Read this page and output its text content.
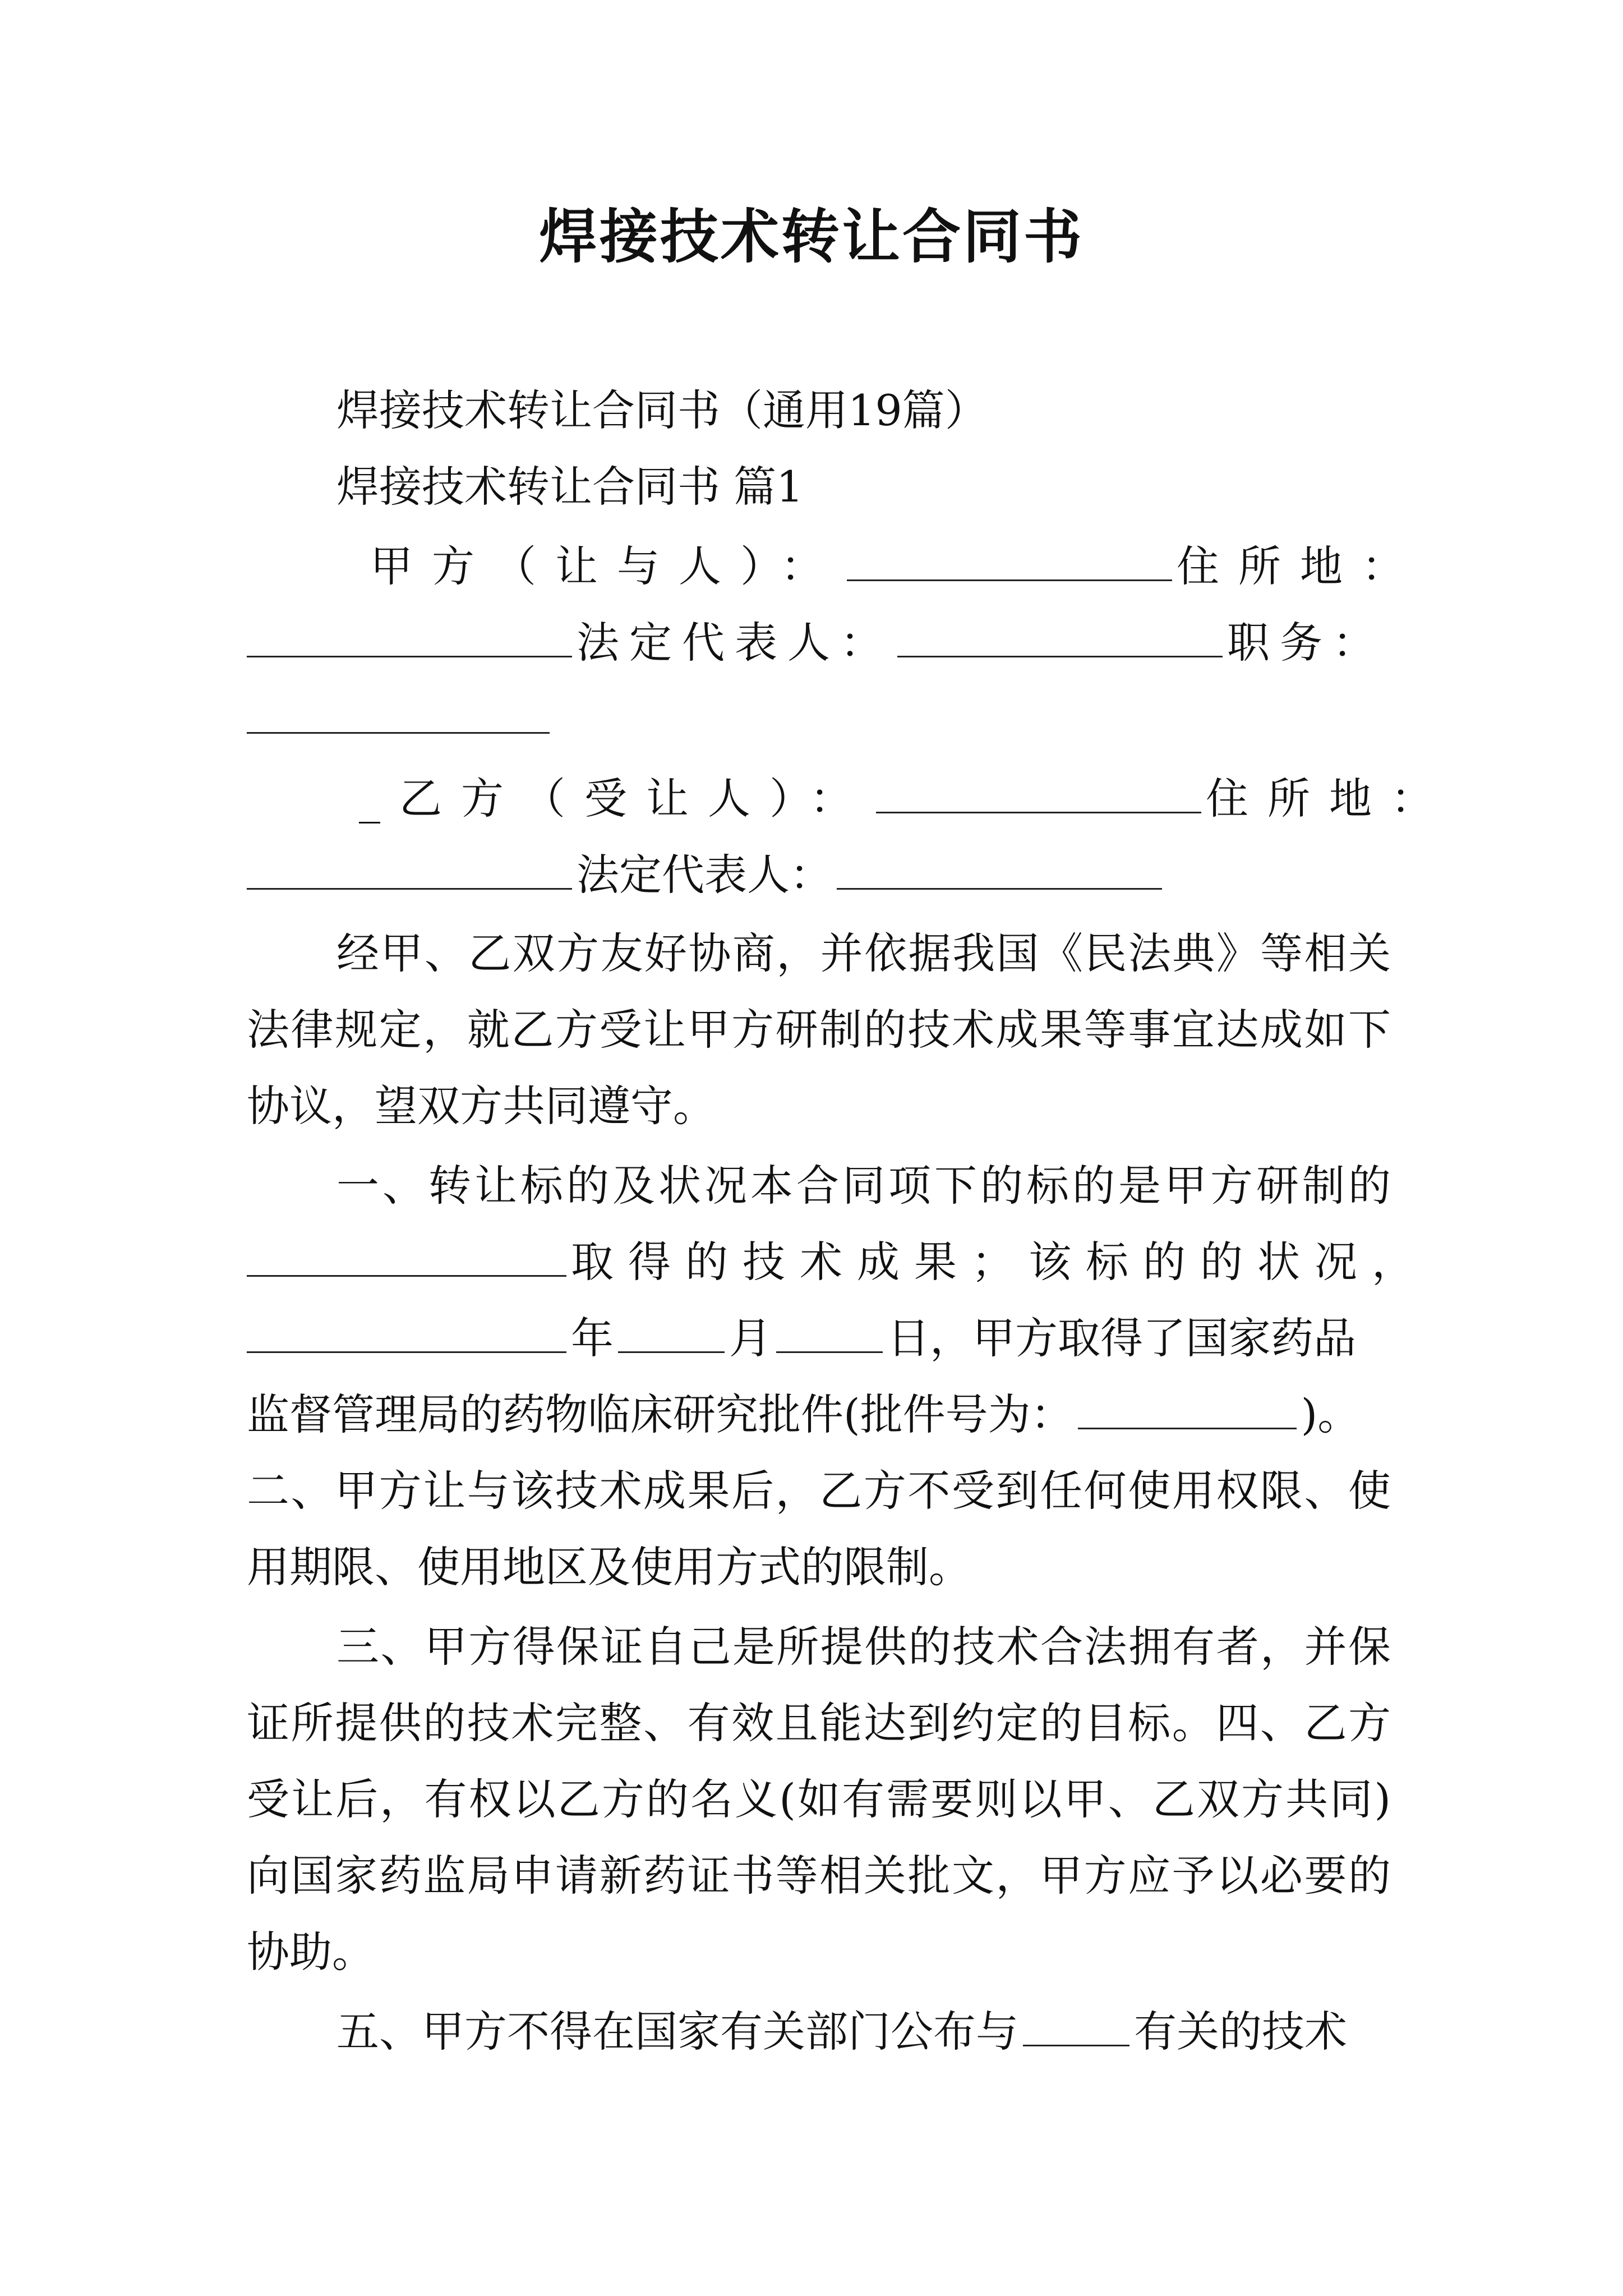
焊接技术转让合同书
焊接技术转让合同书（通用19篇）
焊接技术转让合同书 篇1
甲方（让与人）：	住所地：
法定代表人：	职务：
_乙方（受让人）：	住所地：
法定代表人：
经甲、乙双方友好协商，并依据我国《民法典》等相关
法律规定，就乙方受让甲方研制的技术成果等事宜达成如下
协议，望双方共同遵守。
一、转让标的及状况本合同项下的标的是甲方研制的
取得的技术成果；该标的的状况，
年	月	日，甲方取得了国家药品
监督管理局的药物临床研究批件(批件号为：	)。
二、甲方让与该技术成果后，乙方不受到任何使用权限、使
用期限、使用地区及使用方式的限制。
三、甲方得保证自己是所提供的技术合法拥有者，并保
证所提供的技术完整、有效且能达到约定的目标。四、乙方
受让后，有权以乙方的名义(如有需要则以甲、乙双方共同)
向国家药监局申请新药证书等相关批文，甲方应予以必要的
协助。
五、甲方不得在国家有关部门公布与	有关的技术
